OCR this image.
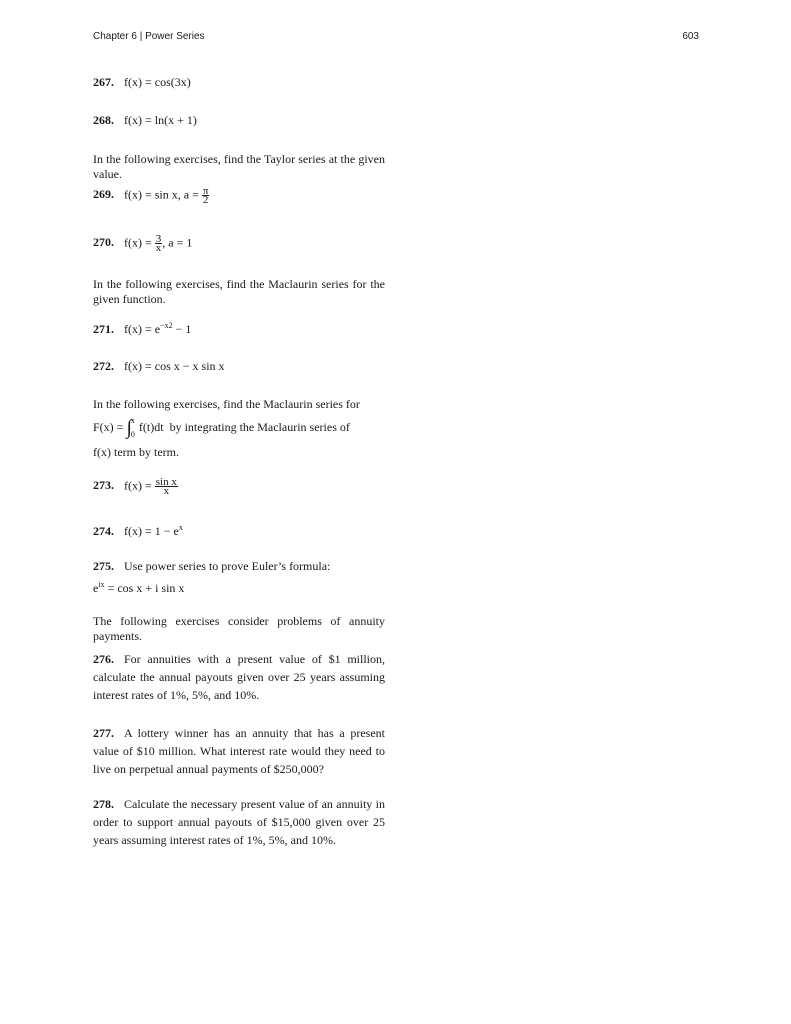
Chapter 6 | Power Series	603
267. f(x) = cos(3x)
268. f(x) = ln(x + 1)
In the following exercises, find the Taylor series at the given value.
269. f(x) = sin x, $a = \frac{\pi}{2}$
270. $f(x) = \frac{3}{x}$ , a = 1
In the following exercises, find the Maclaurin series for the given function.
271. $f(x) = e^{-x2} - 1$
272. f(x) = cos x − x sin x
In the following exercises, find the Maclaurin series for
F(x) = ∫ x
0
f(t)dt by integrating the Maclaurin series of
f(x) term by term.
273. $f(x) = \frac{\text{sin x}}{x}$
274. $f(x) = 1 - e^x$
275. Use power series to prove Euler’s formula:
$e^{ix} = \cos x + i$ sin x
The following exercises consider problems of annuity payments.
276. For annuities with a present value of $1 million, calculate the annual payouts given over 25 years assuming interest rates of 1%, 5%, and 10%.
277. A lottery winner has an annuity that has a present value of $10 million. What interest rate would they need to live on perpetual annual payments of $250,000?
278. Calculate the necessary present value of an annuity in order to support annual payouts of $15,000 given over 25 years assuming interest rates of 1%, 5%, and 10%.
